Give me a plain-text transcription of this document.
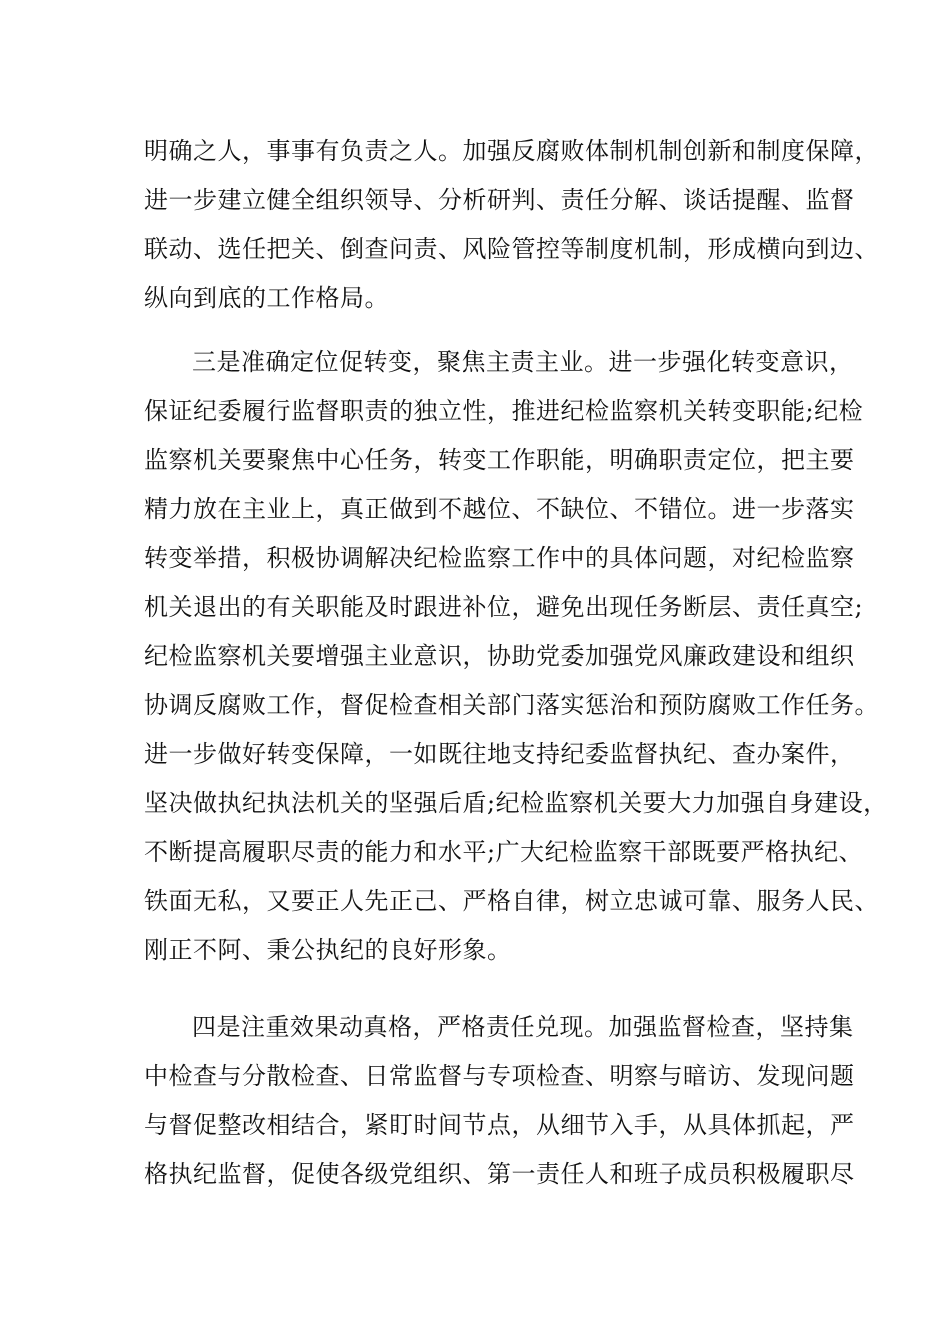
明确之人，事事有负责之人。加强反腐败体制机制创新和制度保障，

进一步建立健全组织领导、分析研判、责任分解、谈话提醒、监督

联动、选任把关、倒查问责、风险管控等制度机制，形成横向到边、

纵向到底的工作格局。

三是准确定位促转变，聚焦主责主业。进一步强化转变意识，

保证纪委履行监督职责的独立性，推进纪检监察机关转变职能;纪检

监察机关要聚焦中心任务，转变工作职能，明确职责定位，把主要

精力放在主业上，真正做到不越位、不缺位、不错位。进一步落实

转变举措，积极协调解决纪检监察工作中的具体问题，对纪检监察

机关退出的有关职能及时跟进补位，避免出现任务断层、责任真空;

纪检监察机关要增强主业意识，协助党委加强党风廉政建设和组织

协调反腐败工作，督促检查相关部门落实惩治和预防腐败工作任务。

进一步做好转变保障，一如既往地支持纪委监督执纪、查办案件，

坚决做执纪执法机关的坚强后盾;纪检监察机关要大力加强自身建设，

不断提高履职尽责的能力和水平;广大纪检监察干部既要严格执纪、

铁面无私，又要正人先正己、严格自律，树立忠诚可靠、服务人民、

刚正不阿、秉公执纪的良好形象。

四是注重效果动真格，严格责任兑现。加强监督检查，坚持集

中检查与分散检查、日常监督与专项检查、明察与暗访、发现问题

与督促整改相结合，紧盯时间节点，从细节入手，从具体抓起，严

格执纪监督，促使各级党组织、第一责任人和班子成员积极履职尽
